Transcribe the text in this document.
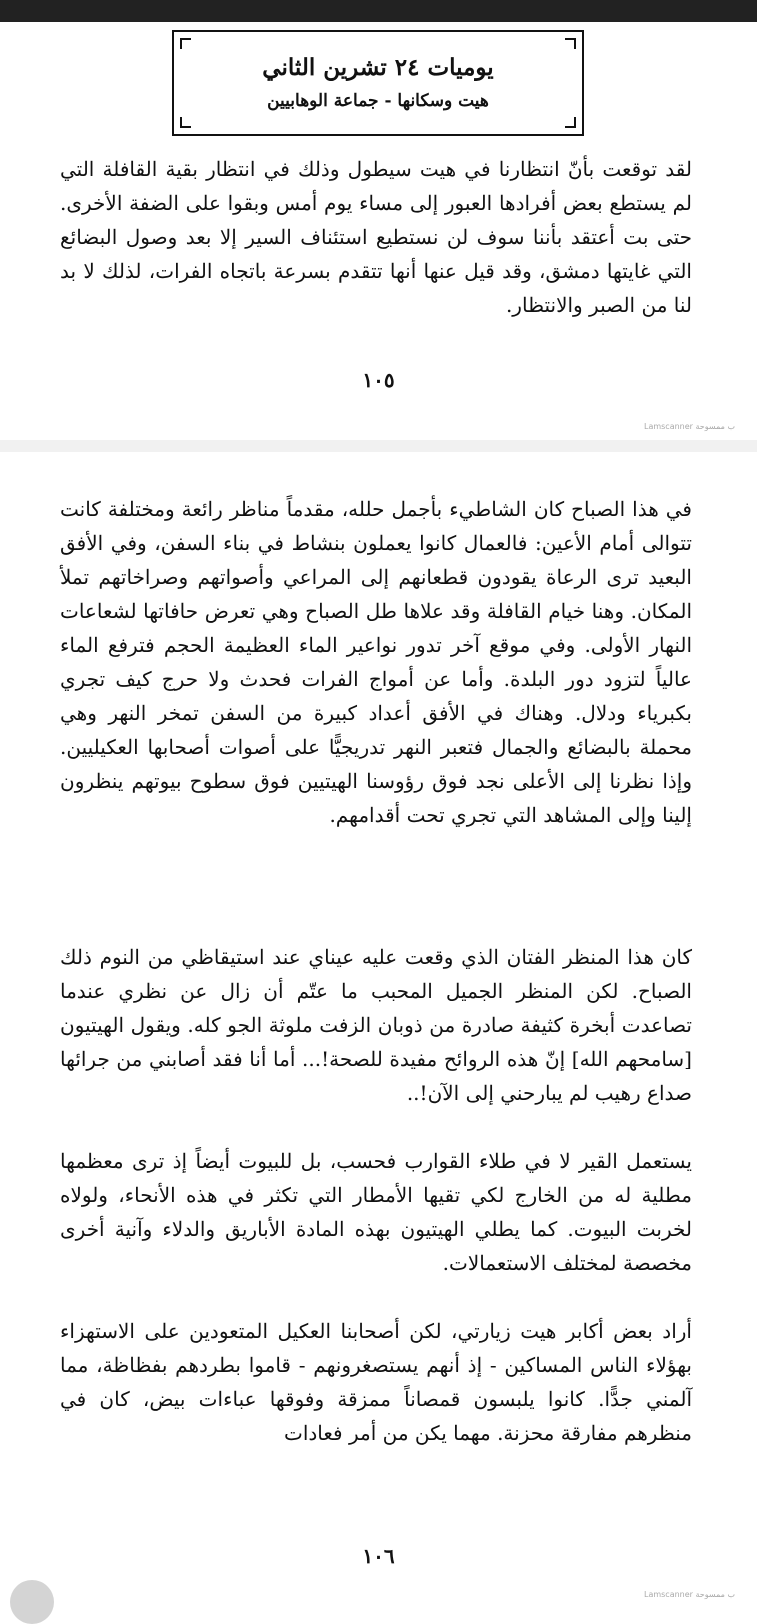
يوميات ٢٤ تشرين الثاني
هيت وسكانها - جماعة الوهابيين

لقد توقعت بأنّ انتظارنا في هيت سيطول وذلك في انتظار بقية القافلة التي لم يستطع بعض أفرادها العبور إلى مساء يوم أمس وبقوا على الضفة الأخرى. حتى بت أعتقد بأننا سوف لن نستطيع استئناف السير إلا بعد وصول البضائع التي غايتها دمشق، وقد قيل عنها أنها تتقدم بسرعة باتجاه الفرات، لذلك لا بد لنا من الصبر والانتظار.

١٠٥
Lamscanner ب ممسوحة

في هذا الصباح كان الشاطيء بأجمل حلله، مقدماً مناظر رائعة ومختلفة كانت تتوالى أمام الأعين: فالعمال كانوا يعملون بنشاط في بناء السفن، وفي الأفق البعيد ترى الرعاة يقودون قطعانهم إلى المراعي وأصواتهم وصراخاتهم تملأ المكان. وهنا خيام القافلة وقد علاها طل الصباح وهي تعرض حافاتها لشعاعات النهار الأولى. وفي موقع آخر تدور نواعير الماء العظيمة الحجم فترفع الماء عالياً لتزود دور البلدة. وأما عن أمواج الفرات فحدث ولا حرج كيف تجري بكبرياء ودلال. وهناك في الأفق أعداد كبيرة من السفن تمخر النهر وهي محملة بالبضائع والجمال فتعبر النهر تدريجيًّا على أصوات أصحابها العكيليين. وإذا نظرنا إلى الأعلى نجد فوق رؤوسنا الهيتيين فوق سطوح بيوتهم ينظرون إلينا وإلى المشاهد التي تجري تحت أقدامهم.

كان هذا المنظر الفتان الذي وقعت عليه عيناي عند استيقاظي من النوم ذلك الصباح. لكن المنظر الجميل المحبب ما عتّم أن زال عن نظري عندما تصاعدت أبخرة كثيفة صادرة من ذوبان الزفت ملوثة الجو كله. ويقول الهيتيون [سامحهم الله] إنّ هذه الروائح مفيدة للصحة!... أما أنا فقد أصابني من جرائها صداع رهيب لم يبارحني إلى الآن!..

يستعمل القير لا في طلاء القوارب فحسب، بل للبيوت أيضاً إذ ترى معظمها مطلية له من الخارج لكي تقيها الأمطار التي تكثر في هذه الأنحاء، ولولاه لخربت البيوت. كما يطلي الهيتيون بهذه المادة الأباريق والدلاء وآنية أخرى مخصصة لمختلف الاستعمالات.

أراد بعض أكابر هيت زيارتي، لكن أصحابنا العكيل المتعودين على الاستهزاء بهؤلاء الناس المساكين - إذ أنهم يستصغرونهم - قاموا بطردهم بفظاظة، مما آلمني جدًّا. كانوا يلبسون قمصاناً ممزقة وفوقها عباءات بيض، كان في منظرهم مفارقة محزنة. مهما يكن من أمر فعادات

١٠٦
Lamscanner ب ممسوحة
